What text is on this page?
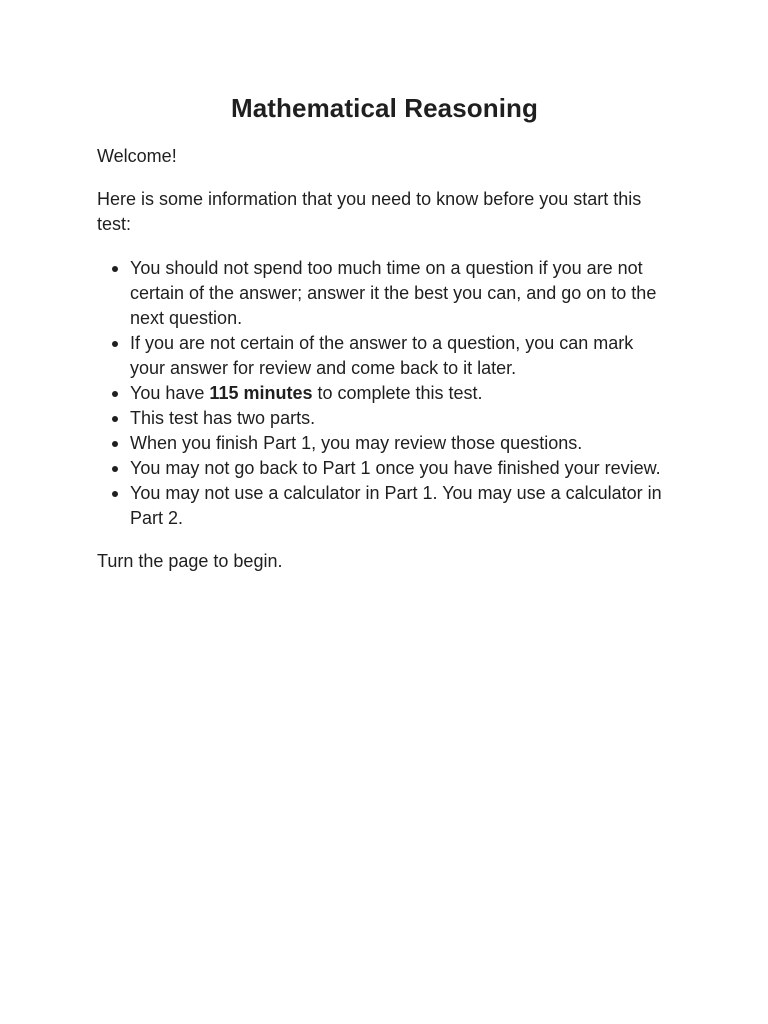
Mathematical Reasoning

Welcome!

Here is some information that you need to know before you start this test:

You should not spend too much time on a question if you are not certain of the answer; answer it the best you can, and go on to the next question.
If you are not certain of the answer to a question, you can mark your answer for review and come back to it later.
You have 115 minutes to complete this test.
This test has two parts.
When you finish Part 1, you may review those questions.
You may not go back to Part 1 once you have finished your review.
You may not use a calculator in Part 1. You may use a calculator in Part 2.

Turn the page to begin.
